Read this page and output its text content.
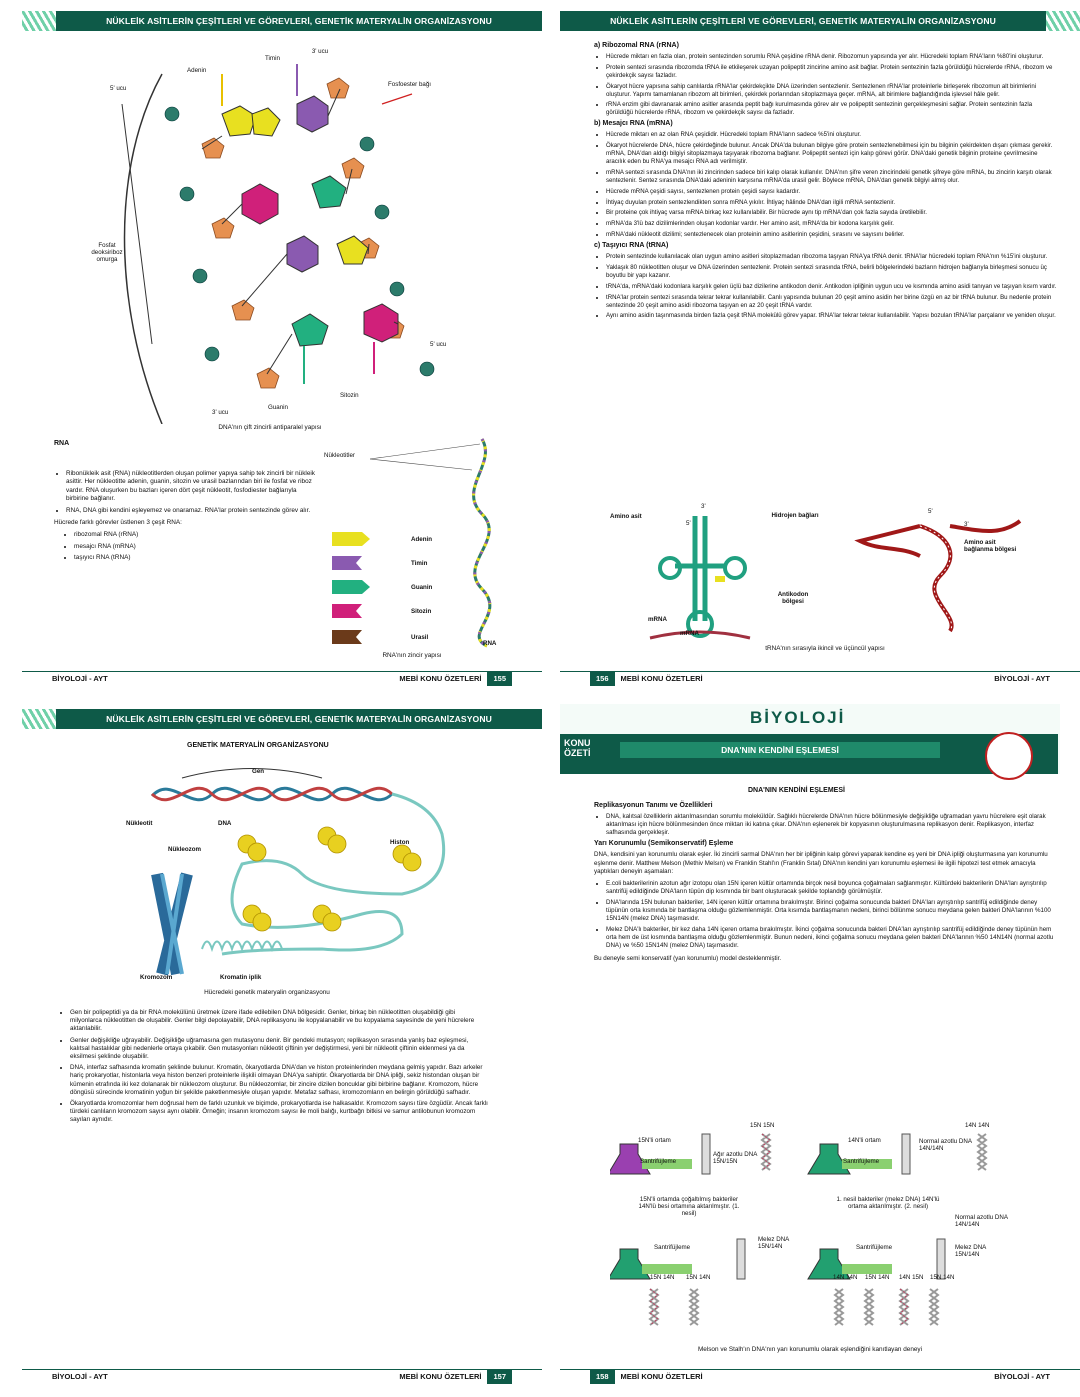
NÜKLEİK ASİTLERİN ÇEŞİTLERİ VE GÖREVLERİ, GENETİK MATERYALİN ORGANİZASYONU
Adenin
Timin
3' ucu
Fosfoester bağı
5' ucu
Fosfat deoksiriboz omurga
Guanin
Sitozin
5' ucu
3' ucu
DNA'nın çift zincirli antiparalel yapısı
RNA
• Ribonükleik asit (RNA) nükleotitlerden oluşan polimer yapıya sahip tek zincirli bir nükleik asittir. Her nükleotitte adenin, guanin, sitozin ve urasil bazlarından biri ile fosfat ve riboz vardır. RNA oluşurken bu bazları içeren dört çeşit nükleotit, fosfodiester bağlarıyla birbirine bağlanır.
• RNA, DNA gibi kendini eşleyemez ve onaramaz. RNA'lar protein sentezinde görev alır.
Hücrede farklı görevler üstlenen 3 çeşit RNA:
• ribozomal RNA (rRNA)
• mesajcı RNA (mRNA)
• taşıyıcı RNA (tRNA)
Nükleotitler
Adenin
Timin
Guanin
Sitozin
Urasil
RNA
RNA'nın zincir yapısı
BİYOLOJİ - AYT	MEBİ KONU ÖZETLERİ 155
NÜKLEİK ASİTLERİN ÇEŞİTLERİ VE GÖREVLERİ, GENETİK MATERYALİN ORGANİZASYONU
a) Ribozomal RNA (rRNA)
• Hücrede miktarı en fazla olan, protein sentezinden sorumlu RNA çeşidine rRNA denir. Ribozomun yapısında yer alır. Hücredeki toplam RNA'ların %80'ini oluşturur.
• Protein sentezi sırasında ribozomda tRNA ile etkileşerek uzayan polipeptit zincirine amino asit bağlar. Protein sentezinin fazla görüldüğü hücrelerde rRNA, ribozom ve çekirdekçik sayısı fazladır.
• Ökaryot hücre yapısına sahip canlılarda rRNA'lar çekirdekçikte DNA üzerinden sentezlenir. Sentezlenen rRNA'lar proteinlerle birleşerek ribozomun alt birimlerini oluşturur. Yapımı tamamlanan ribozom alt birimleri, çekirdek porlarından sitoplazmaya geçer. mRNA, alt birimlere bağlandığında işlevsel hâle gelir.
• rRNA enzim gibi davranarak amino asitler arasında peptit bağı kurulmasında görev alır ve polipeptit sentezinin gerçekleşmesini sağlar. Protein sentezinin fazla görüldüğü hücrelerde rRNA, ribozom ve çekirdekçik sayısı da fazladır.
b) Mesajcı RNA (mRNA)
• Hücrede miktarı en az olan RNA çeşididir. Hücredeki toplam RNA'ların sadece %5'ini oluşturur.
• Ökaryot hücrelerde DNA, hücre çekirdeğinde bulunur. Ancak DNA'da bulunan bilgiye göre protein sentezlenebilmesi için bu bilginin çekirdekten dışarı çıkması gerekir. mRNA, DNA'dan aldığı bilgiyi sitoplazmaya taşıyarak ribozoma bağlanır. Polipeptit sentezi için kalıp görevi görür. DNA'daki genetik bilginin proteine çevrilmesine aracılık eden bu RNA'ya mesajcı RNA adı verilmiştir.
• mRNA sentezi sırasında DNA'nın iki zincirinden sadece biri kalıp olarak kullanılır. DNA'nın şifre veren zincirindeki genetik şifreye göre mRNA, bu zincirin karşıtı olarak sentezlenir. Sentez sırasında DNA'daki adeninin karşısına mRNA'da urasil gelir. Böylece mRNA, DNA'dan genetik bilgiyi almış olur.
• Hücrede mRNA çeşidi sayısı, sentezlenen protein çeşidi sayısı kadardır.
• İhtiyaç duyulan protein sentezlendikten sonra mRNA yıkılır. İhtiyaç hâlinde DNA'dan ilgili mRNA sentezlenir.
• Bir proteine çok ihtiyaç varsa mRNA birkaç kez kullanılabilir. Bir hücrede aynı tip mRNA'dan çok fazla sayıda üretilebilir.
• mRNA'da 3'lü baz dizilimlerinden oluşan kodonlar vardır. Her amino asit, mRNA'da bir kodona karşılık gelir.
• mRNA'daki nükleotit dizilimi; sentezlenecek olan proteinin amino asitlerinin çeşidini, sırasını ve sayısını belirler.
c) Taşıyıcı RNA (tRNA)
• Protein sentezinde kullanılacak olan uygun amino asitleri sitoplazmadan ribozoma taşıyan RNA'ya tRNA denir. tRNA'lar hücredeki toplam RNA'nın %15'ini oluşturur.
• Yaklaşık 80 nükleotitten oluşur ve DNA üzerinden sentezlenir. Protein sentezi sırasında tRNA, belirli bölgelerindeki bazların hidrojen bağlarıyla birleşmesi sonucu üç boyutlu bir yapı kazanır.
• tRNA'da, mRNA'daki kodonlara karşılık gelen üçlü baz dizilerine antikodon denir. Antikodon ipliğinin uygun ucu ve kısmında amino asidi tanıyan ve taşıyan kısım vardır.
• tRNA'lar protein sentezi sırasında tekrar tekrar kullanılabilir. Canlı yapısında bulunan 20 çeşit amino asidin her birine özgü en az bir tRNA bulunur. Bu nedenle protein sentezinde 20 çeşit amino asidi ribozoma taşıyan en az 20 çeşit tRNA vardır.
• Aynı amino asidin taşınmasında birden fazla çeşit tRNA molekülü görev yapar. tRNA'lar tekrar tekrar kullanılabilir. Yapısı bozulan tRNA'lar parçalanır ve yeniden oluşur.
Amino asit
3'
5'
Hidrojen bağları
Antikodon bölgesi
mRNA
mRNA
5'
3'
Amino asit bağlanma bölgesi
tRNA'nın sırasıyla ikincil ve üçüncül yapısı
156 MEBİ KONU ÖZETLERİ	BİYOLOJİ - AYT
NÜKLEİK ASİTLERİN ÇEŞİTLERİ VE GÖREVLERİ, GENETİK MATERYALİN ORGANİZASYONU
GENETİK MATERYALİN ORGANİZASYONU
Gen
Nükleotit	DNA
Nükleozom
Histon
Kromozom	Kromatin iplik
Hücredeki genetik materyalin organizasyonu
• Gen bir polipeptidi ya da bir RNA molekülünü üretmek üzere ifade edilebilen DNA bölgesidir. Genler, birkaç bin nükleotitten oluşabildiği gibi milyonlarca nükleotitten de oluşabilir. Genler bilgi depolayabilir, DNA replikasyonu ile kopyalanabilir ve bu kopyalama sayesinde de yeni hücrelere aktarılabilir.
• Genler değişikliğe uğrayabilir. Değişikliğe uğramasına gen mutasyonu denir. Bir gendeki mutasyon; replikasyon sırasında yanlış baz eşleşmesi, kalıtsal hastalıklar gibi nedenlerle ortaya çıkabilir. Gen mutasyonları nükleotit çiftinin yer değiştirmesi, yeni bir nükleotit çiftinin eklenmesi ya da eksilmesi şeklinde oluşabilir.
• DNA, interfaz safhasında kromatin şeklinde bulunur. Kromatin, ökaryotlarda DNA'dan ve histon proteinlerinden meydana gelmiş yapıdır. Bazı arkeler hariç prokaryotlar, histonlarla veya histon benzeri proteinlerle ilişkili olmayan DNA'ya sahiptir. Ökaryotlarda bir DNA ipliği, sekiz histondan oluşan bir kümenin etrafında iki kez dolanarak bir nükleozom oluşturur. Bu nükleozomlar, bir zincire dizilen boncuklar gibi birbirine bağlanır. Kromozom, hücre döngüsü sürecinde kromatinin yoğun bir şekilde paketlenmesiyle oluşan yapıdır. Metafaz safhası, kromozomların en belirgin görüldüğü safhadır.
• Ökaryotlarda kromozomlar hem doğrusal hem de farklı uzunluk ve biçimde, prokaryotlarda ise halkasaldır. Kromozom sayısı türe özgüdür. Ancak farklı türdeki canlıların kromozom sayısı aynı olabilir. Örneğin; insanın kromozom sayısı ile moli balığı, kurtbağrı bitkisi ve samur antilobunun kromozom sayıları aynıdır.
BİYOLOJİ - AYT	MEBİ KONU ÖZETLERİ 157
BİYOLOJİ
KONU ÖZETİ	DNA'NIN KENDİNİ EŞLEMESİ
DNA'NIN KENDİNİ EŞLEMESİ
Replikasyonun Tanımı ve Özellikleri
• DNA, kalıtsal özelliklerin aktarılmasından sorumlu moleküldür. Sağlıklı hücrelerde DNA'nın hücre bölünmesiyle değişikliğe uğramadan yavru hücrelere eşit olarak aktarılması için hücre bölünmesinden önce miktarı iki katına çıkar. DNA'nın eşlenerek bir kopyasının oluşturulmasına replikasyon denir. Replikasyon, interfaz safhasında gerçekleşir.
Yarı Korunumlu (Semikonservatif) Eşleme
DNA, kendisini yarı korunumlu olarak eşler. İki zincirli sarmal DNA'nın her bir ipliğinin kalıp görevi yaparak kendine eş yeni bir DNA ipliği oluşturmasına yarı korunumlu eşlenme denir. Matthew Melson (Methiv Melsın) ve Franklin Stahl'ın (Franklin Sıtal) DNA'nın kendini yarı korunumlu eşlemesi ile ilgili hipotezi test etmek amacıyla yaptıkları deneyin aşamaları:
• E.coli bakterilerinin azotun ağır izotopu olan 15N içeren kültür ortamında birçok nesil boyunca çoğalmaları sağlanmıştır. Kültürdeki bakterilerin DNA'ları ayrıştırılıp santrifüj edildiğinde DNA'ların tüpün dip kısmında bir bant oluşturacak şekilde toplandığı görülmüştür.
• DNA'larında 15N bulunan bakteriler, 14N içeren kültür ortamına bırakılmıştır. Birinci çoğalma sonucunda bakteri DNA'ları ayrıştırılıp santrifüj edildiğinde deney tüpünün orta kısmında bir bantlaşma olduğu gözlemlenmiştir. Orta kısımda bantlaşmanın nedeni, birinci bölünme sonucu meydana gelen bakteri DNA'larının %100 15N14N (melez DNA) taşımasıdır.
• Melez DNA'lı bakteriler, bir kez daha 14N içeren ortama bırakılmıştır. İkinci çoğalma sonucunda bakteri DNA'ları ayrıştırılıp santrifüj edildiğinde deney tüpünün hem orta hem de üst kısmında bantlaşma olduğu gözlemlenmiştir. Bunun nedeni, ikinci çoğalma sonucu meydana gelen bakteri DNA'larının %50 14N14N (normal azotlu DNA) ve %50 15N14N (melez DNA) taşımasıdır.
Bu deneyle semi konservatif (yarı korunumlu) model desteklenmiştir.
15N'li ortam	14N'li ortam
Santrifüjleme	Santrifüjleme
Ağır azotlu DNA 15N/15N
Normal azotlu DNA 14N/14N
15N 15N	14N 14N
15N'li ortamda çoğaltılmış bakteriler 14N'lü besi ortamına aktarılmıştır. (1. nesil)
1. nesil bakteriler (melez DNA) 14N'lü ortama aktarılmıştır. (2. nesil)
Santrifüjleme	Santrifüjleme
Melez DNA 15N/14N
Normal azotlu DNA 14N/14N
Melez DNA 15N/14N
15N 14N 15N 14N	14N 14N 15N 14N 14N 15N 15N 14N
Melson ve Stalh'ın DNA'nın yarı korunumlu olarak eşlendiğini kanıtlayan deneyi
158 MEBİ KONU ÖZETLERİ	BİYOLOJİ - AYT
